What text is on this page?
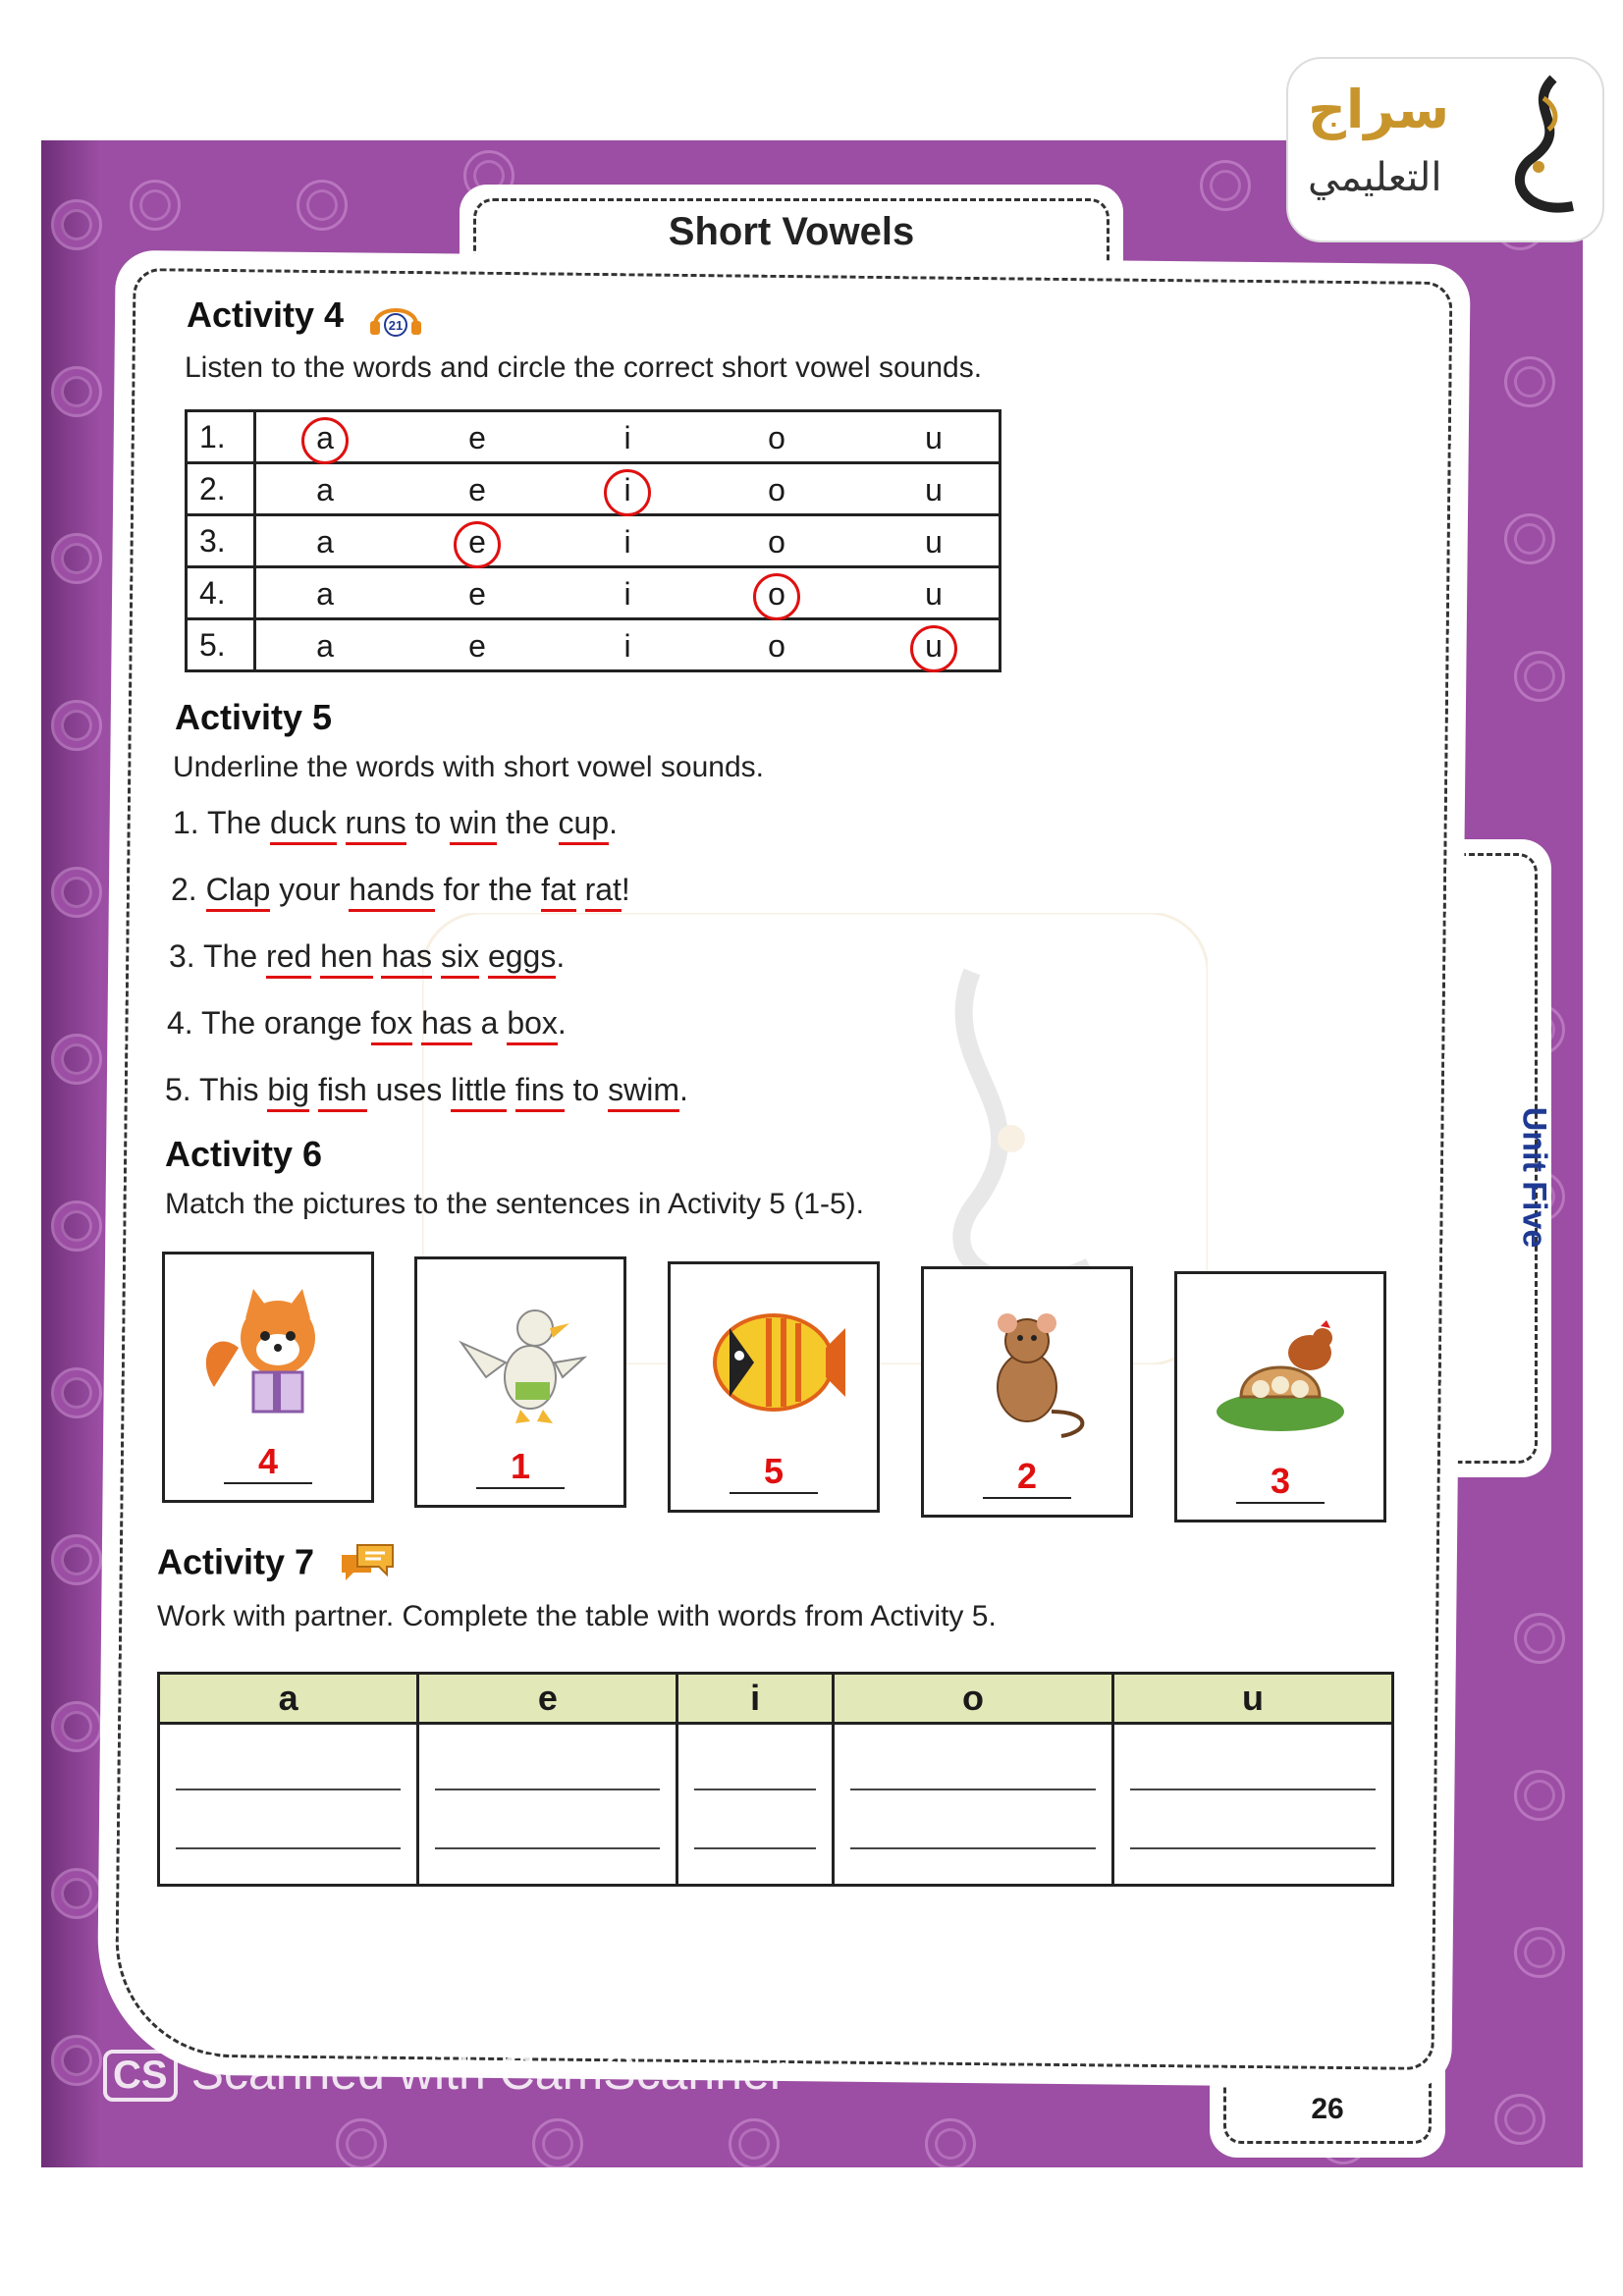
Short Vowels
Unit Five
26
Activity 4	21
Listen to the words and circle the correct short vowel sounds.
1.	a e i o u

2.	a e i o u

3.	a e i o u

4.	a e i o u

5.	a e i o u
Activity 5
Underline the words with short vowel sounds.
1. The duck runs to win the cup.
2. Clap your hands for the fat rat!
3. The red hen has six eggs.
4. The orange fox has a box.
5. This big fish uses little fins to swim.
Activity 6
Match the pictures to the sentences in Activity 5 (1-5).
4	1	5	2	3
Activity 7
Work with partner. Complete the table with words from Activity 5.
a	e	i	o	u

CS Scanned with CamScanner
سراج
التعليمي
